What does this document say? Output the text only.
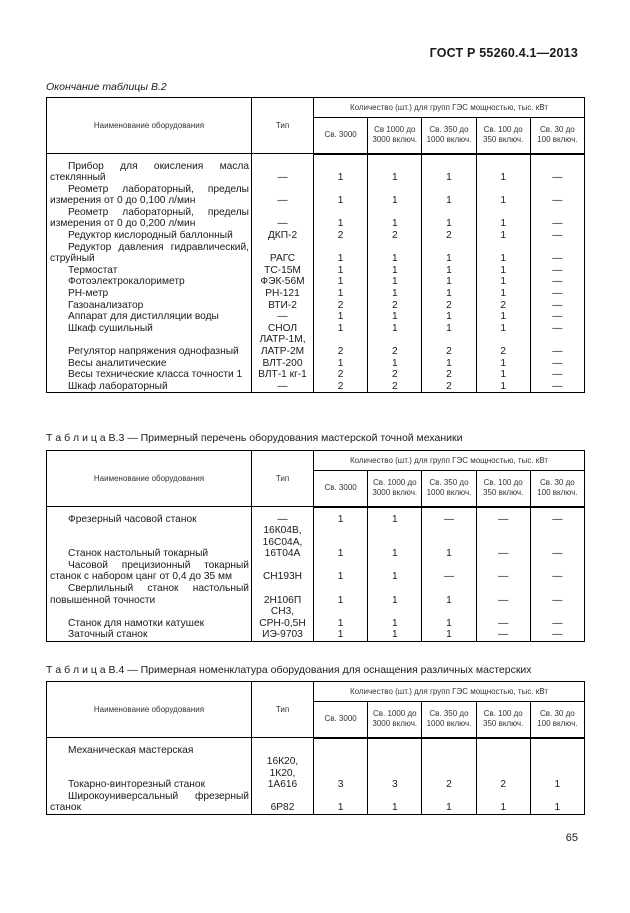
ГОСТ Р 55260.4.1—2013
Окончание таблицы В.2
Наименование оборудования	Тип	Количество (шт.) для групп ГЭС мощностью, тыс. кВт				
		Св. 3000	Св 1000 до 3000 включ.	Св. 350 до 1000 включ.	Св. 100 до 350 включ.	Св. 30 до 100 включ.

Прибор для окисления масла стеклянный	—	1	1	1	1	—

Реометр лабораторный, пределы измерения от 0 до 0,100 л/мин	—	1	1	1	1	—

Реометр лабораторный, пределы измерения от 0 до 0,200 л/мин	—	1	1	1	1	—

Редуктор кислородный баллонный	ДКП-2	2	2	2	1	—

Редуктор давления гидравлический, струйный	РАГС	1	1	1	1	—

Термостат	ТС-15М	1	1	1	1	—

Фотоэлектрокалориметр	ФЭК-56М	1	1	1	1	—

РН-метр	РН-121	1	1	1	1	—

Газоанализатор	ВТИ-2	2	2	2	2	—

Аппарат для дистилляции воды	—	1	1	1	1	—

Шкаф сушильный	СНОЛ	1	1	1	1	—

Регулятор напряжения однофазный	ЛАТР-1М, ЛАТР-2М	2	2	2	2	—

Весы аналитические	ВЛТ-200	1	1	1	1	—

Весы технические класса точности 1	ВЛТ-1 кг-1	2	2	2	1	—

Шкаф лабораторный	—	2	2	2	1	—
Т а б л и ц а В.3 — Примерный перечень оборудования мастерской точной механики
Наименование оборудования	Тип	Количество (шт.) для групп ГЭС мощностью, тыс. кВт				
		Св. 3000	Св. 1000 до 3000 включ.	Св. 350 до 1000 включ.	Св. 100 до 350 включ.	Св. 30 до 100 включ.

Фрезерный часовой станок	—	1	1	—	—	—

Станок настольный токарный	16К04В, 16С04А, 16Т04А	1	1	1	—	—

Часовой прецизионный токарный станок с набором цанг от 0,4 до 35 мм	СН193Н	1	1	—	—	—

Сверлильный станок настольный повышенной точности	2Н106П	1	1	1	—	—

Станок для намотки катушек	СН3, СРН-0,5Н	1	1	1	—	—

Заточный станок	ИЭ-9703	1	1	1	—	—
Т а б л и ц а В.4 — Примерная номенклатура оборудования для оснащения различных мастерских
Наименование оборудования	Тип	Количество (шт.) для групп ГЭС мощностью, тыс. кВт				
		Св. 3000	Св. 1000 до 3000 включ.	Св. 350 до 1000 включ.	Св. 100 до 350 включ.	Св. 30 до 100 включ.

Механическая мастерская						

Токарно-винторезный станок	16К20, 1К20, 1А616	3	3	2	2	1

Широкоуниверсальный фрезерный станок	6Р82	1	1	1	1	1
65
